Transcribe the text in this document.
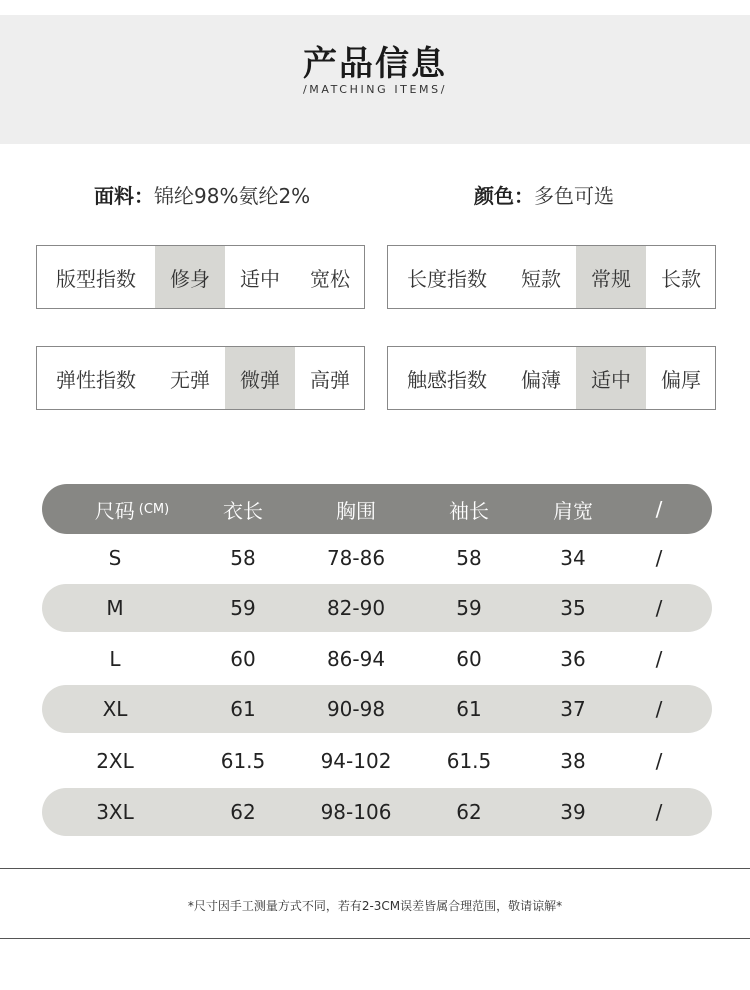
产品信息
/MATCHING ITEMS/
面料：锦纶98%氨纶2%	颜色：多色可选
版型指数	修身	适中	宽松	长度指数	短款	常规	长款
弹性指数	无弹	微弹	高弹	触感指数	偏薄	适中	偏厚
尺码 (CM)	衣长	胸围	袖长	肩宽	/
S	58	78-86	58	34	/
M	59	82-90	59	35	/
L	60	86-94	60	36	/
XL	61	90-98	61	37	/
2XL	61.5	94-102	61.5	38	/
3XL	62	98-106	62	39	/
*尺寸因手工测量方式不同，若有2-3CM误差皆属合理范围，敬请谅解*
